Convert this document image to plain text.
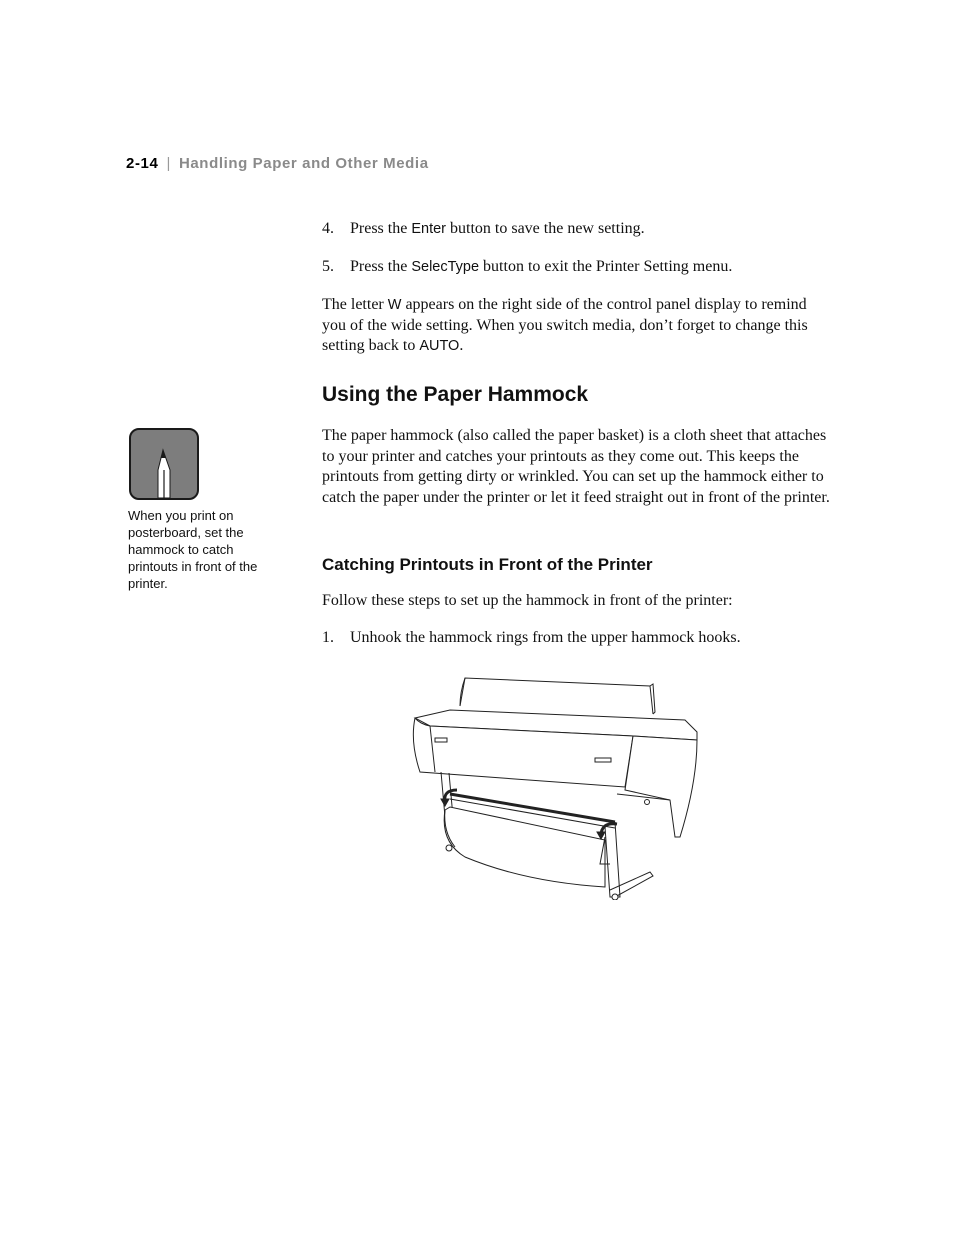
2-14 | Handling Paper and Other Media
4. Press the Enter button to save the new setting.
5. Press the SelecType button to exit the Printer Setting menu.
The letter W appears on the right side of the control panel display to remind you of the wide setting. When you switch media, don’t forget to change this setting back to AUTO.
Using the Paper Hammock
The paper hammock (also called the paper basket) is a cloth sheet that attaches to your printer and catches your printouts as they come out. This keeps the printouts from getting dirty or wrinkled. You can set up the hammock either to catch the paper under the printer or let it feed straight out in front of the printer.
When you print on posterboard, set the hammock to catch printouts in front of the printer.
Catching Printouts in Front of the Printer
Follow these steps to set up the hammock in front of the printer:
1. Unhook the hammock rings from the upper hammock hooks.
